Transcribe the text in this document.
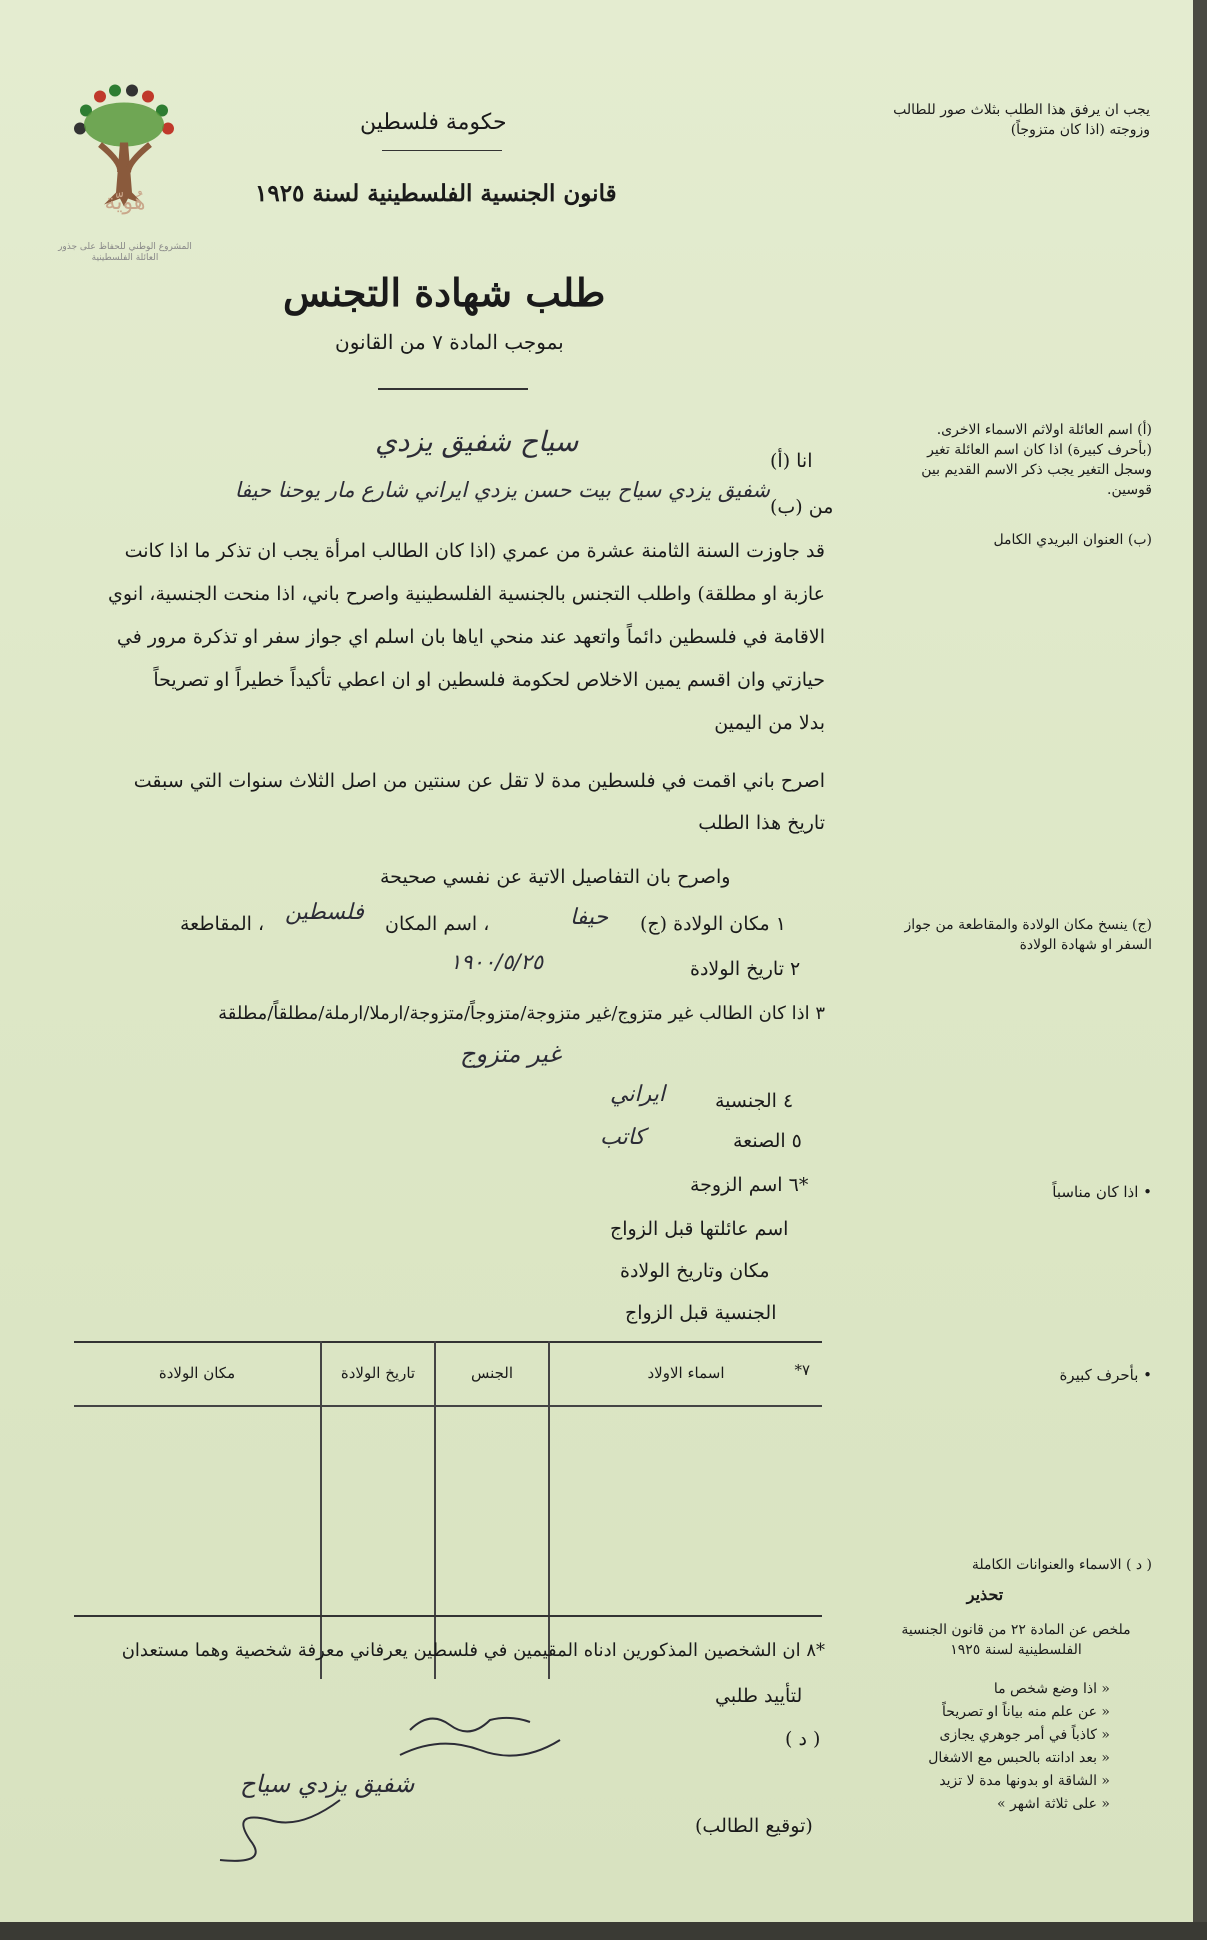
هُويّة
المشروع الوطني للحفاظ على جذور العائلة الفلسطينية
حكومة فلسطين
قانون الجنسية الفلسطينية لسنة ١٩٢٥
طلب شهادة التجنس
بموجب المادة ٧ من القانون
يجب ان يرفق هذا الطلب بثلاث صور للطالب وزوجته (اذا كان متزوجاً)
(أ) اسم العائلة اولاثم الاسماء الاخرى. (بأحرف كبيرة) اذا كان اسم العائلة تغير وسجل التغير يجب ذكر الاسم القديم بين قوسين.
(ب) العنوان البريدي الكامل
(ج) ينسخ مكان الولادة والمقاطعة من جواز السفر او شهادة الولادة
• اذا كان مناسباً
• بأحرف كبيرة
( د ) الاسماء والعنوانات الكاملة
تحذير
ملخص عن المادة ٢٢ من قانون الجنسية الفلسطينية لسنة ١٩٢٥
« اذا وضع شخص ما
« عن علم منه بياناً او تصريحاً
« كاذباً في أمر جوهري يجازى
« بعد ادانته بالحبس مع الاشغال
« الشاقة او بدونها مدة لا تزيد
« على ثلاثة اشهر »
انا (أ)
سياح شفيق يزدي
من (ب)
شفيق يزدي سياح بيت حسن يزدي ايراني شارع مار يوحنا حيفا
قد جاوزت السنة الثامنة عشرة من عمري (اذا كان الطالب امرأة يجب ان تذكر ما اذا كانت
عازبة او مطلقة) واطلب التجنس بالجنسية الفلسطينية واصرح باني، اذا منحت الجنسية، انوي
الاقامة في فلسطين دائماً واتعهد عند منحي اياها بان اسلم اي جواز سفر او تذكرة مرور في
حيازتي وان اقسم يمين الاخلاص لحكومة فلسطين او ان اعطي تأكيداً خطيراً او تصريحاً
بدلا من اليمين
اصرح باني اقمت في فلسطين مدة لا تقل عن سنتين من اصل الثلاث سنوات التي سبقت
تاريخ هذا الطلب
واصرح بان التفاصيل الاتية عن نفسي صحيحة
١ مكان الولادة (ج)
حيفا
، اسم المكان
فلسطين
، المقاطعة
٢ تاريخ الولادة
١٩٠٠/٥/٢٥
٣ اذا كان الطالب غير متزوج/غير متزوجة/متزوجاً/متزوجة/ارملا/ارملة/مطلقاً/مطلقة
غير متزوج
٤ الجنسية
ايراني
٥ الصنعة
كاتب
*٦ اسم الزوجة
اسم عائلتها قبل الزواج
مكان وتاريخ الولادة
الجنسية قبل الزواج
٧*
اسماء الاولاد	الجنس	تاريخ الولادة	مكان الولادة

*٨ ان الشخصين المذكورين ادناه المقيمين في فلسطين يعرفاني معرفة شخصية وهما مستعدان
لتأييد طلبي
( د )
شفيق يزدي سياح
(توقيع الطالب)
